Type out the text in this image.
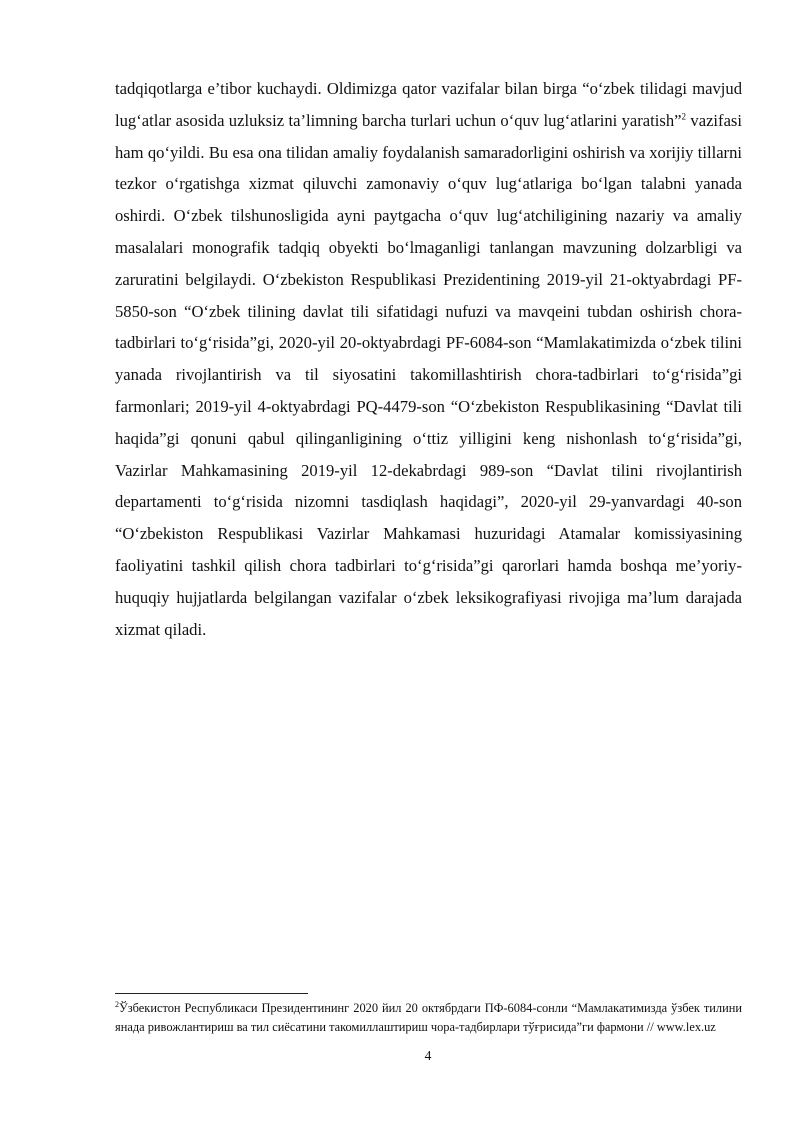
tadqiqotlarga e’tibor kuchaydi. Oldimizga qator vazifalar bilan birga “o‘zbek tilidagi mavjud lug‘atlar asosida uzluksiz ta’limning barcha turlari uchun o‘quv lug‘atlarini yaratish”$^2$ vazifasi ham qo‘yildi. Bu esa ona tilidan amaliy foydalanish samaradorligini oshirish va xorijiy tillarni tezkor o‘rgatishga xizmat qiluvchi zamonaviy o‘quv lug‘atlariga bo‘lgan talabni yanada oshirdi. O‘zbek tilshunosligida ayni paytgacha o‘quv lug‘atchiligining nazariy va amaliy masalalari monografik tadqiq obyekti bo‘lmaganligi tanlangan mavzuning dolzarbligi va zaruratini belgilaydi. O‘zbekiston Respublikasi Prezidentining 2019-yil 21-oktyabrdagi PF-5850-son “O‘zbek tilining davlat tili sifatidagi nufuzi va mavqeini tubdan oshirish chora-tadbirlari to‘g‘risida”gi, 2020-yil 20-oktyabrdagi PF-6084-son “Mamlakatimizda o‘zbek tilini yanada rivojlantirish va til siyosatini takomillashtirish chora-tadbirlari to‘g‘risida”gi farmonlari; 2019-yil 4-oktyabrdagi PQ-4479-son “O‘zbekiston Respublikasining “Davlat tili haqida”gi qonuni qabul qilinganligining o‘ttiz yilligini keng nishonlash to‘g‘risida”gi, Vazirlar Mahkamasining 2019-yil 12-dekabrdagi 989-son “Davlat tilini rivojlantirish departamenti to‘g‘risida nizomni tasdiqlash haqidagi”, 2020-yil 29-yanvardagi 40-son “O‘zbekiston Respublikasi Vazirlar Mahkamasi huzuridagi Atamalar komissiyasining faoliyatini tashkil qilish chora tadbirlari to‘g‘risida”gi qarorlari hamda boshqa me’yoriy-huquqiy hujjatlarda belgilangan vazifalar o‘zbek leksikografiyasi rivojiga ma’lum darajada xizmat qiladi.

$^2$Ўзбекистон Республикаси Президентининг 2020 йил 20 октябрдаги ПФ-6084-сонли “Мамлакатимизда ўзбек тилини янада ривожлантириш ва тил сиёсатини такомиллаштириш чора-тадбирлари тўғрисида”ги фармони // www.lex.uz

4
